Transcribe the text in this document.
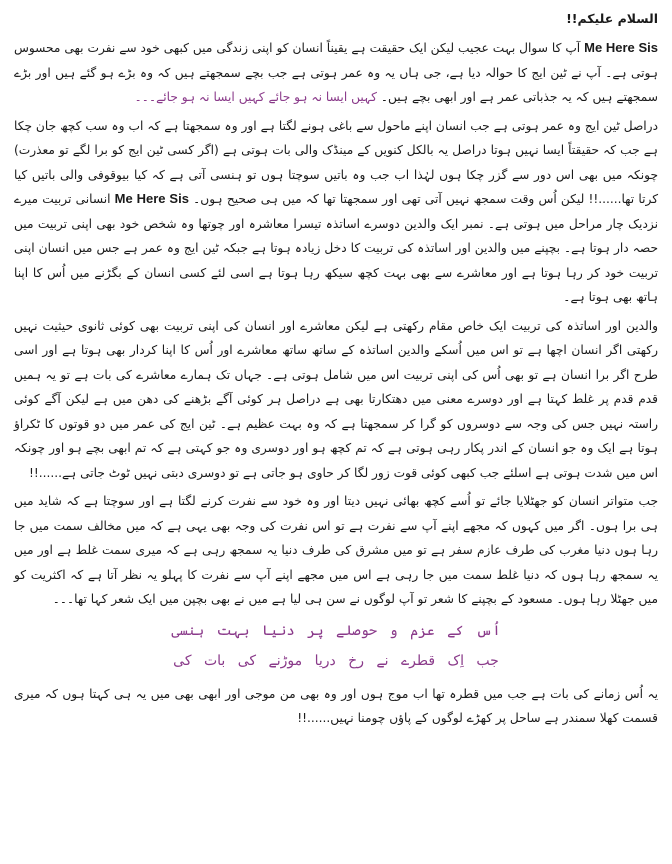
السلام علیکم!!

Me Here Sis آپ کا سوال بہت عجیب لیکن ایک حقیقت ہے یقیناً انسان کو اپنی زندگی میں کبھی خود سے نفرت بھی محسوس ہوتی ہے۔ آپ نے ٹین ایج کا حوالہ دیا ہے، جی ہاں یہ وہ عمر ہوتی ہے جب بچے سمجھتے ہیں کہ وہ بڑے ہو گئے ہیں اور بڑے سمجھتے ہیں کہ یہ جذباتی عمر ہے اور ابھی بچے ہیں۔ کہیں ایسا نہ ہو جائے کہیں ایسا نہ ہو جائے۔۔۔

دراصل ٹین ایج وہ عمر ہوتی ہے جب انسان اپنے ماحول سے باغی ہونے لگتا ہے اور وہ سمجھتا ہے کہ اب وہ سب کچھ جان چکا ہے جب کہ حقیقتاً ایسا نہیں ہوتا دراصل یہ بالکل کنویں کے مینڈک والی بات ہوتی ہے (اگر کسی ٹین ایج کو برا لگے تو معذرت) چونکہ میں بھی اس دور سے گزر چکا ہوں لہٰذا اب جب وہ باتیں سوچتا ہوں تو ہنسی آتی ہے کہ کیا بیوقوفی والی باتیں کیا کرتا تھا......!! لیکن اُس وقت سمجھ نہیں آتی تھی اور سمجھتا تھا کہ میں ہی صحیح ہوں۔ Me Here Sis انسانی تربیت میرے نزدیک چار مراحل میں ہوتی ہے۔ نمبر ایک والدین دوسرے اساتذہ تیسرا معاشرہ اور چوتھا وہ شخص خود بھی اپنی تربیت میں حصہ دار ہوتا ہے۔ بچپنے میں والدین اور اساتذہ کی تربیت کا دخل زیادہ ہوتا ہے جبکہ ٹین ایج وہ عمر ہے جس میں انسان اپنی تربیت خود کر رہا ہوتا ہے اور معاشرے سے بھی بہت کچھ سیکھ رہا ہوتا ہے اسی لئے کسی انسان کے بگڑنے میں اُس کا اپنا ہاتھ بھی ہوتا ہے۔

والدین اور اساتذہ کی تربیت ایک خاص مقام رکھتی ہے لیکن معاشرے اور انسان کی اپنی تربیت بھی کوئی ثانوی حیثیت نہیں رکھتی اگر انسان اچھا ہے تو اس میں اُسکے والدین اساتذہ کے ساتھ ساتھ معاشرے اور اُس کا اپنا کردار بھی ہوتا ہے اور اسی طرح اگر برا انسان ہے تو بھی اُس کی اپنی تربیت اس میں شامل ہوتی ہے۔ جہاں تک ہمارے معاشرے کی بات ہے تو یہ ہمیں قدم قدم پر غلط کہتا ہے اور دوسرے معنی میں دھتکارتا بھی ہے دراصل ہر کوئی آگے بڑھنے کی دھن میں ہے لیکن آگے کوئی راستہ نہیں جس کی وجہ سے دوسروں کو گرا کر سمجھتا ہے کہ وہ بہت عظیم ہے۔ ٹین ایج کی عمر میں دو قوتوں کا ٹکراؤ ہوتا ہے ایک وہ جو انسان کے اندر پکار رہی ہوتی ہے کہ تم کچھ ہو اور دوسری وہ جو کہتی ہے کہ تم ابھی بچے ہو اور چونکہ اس میں شدت ہوتی ہے اسلئے جب کبھی کوئی قوت زور لگا کر حاوی ہو جاتی ہے تو دوسری دبتی نہیں ٹوٹ جاتی ہے......!!

جب متواتر انسان کو جھٹلایا جائے تو اُسے کچھ بھائی نہیں دیتا اور وہ خود سے نفرت کرنے لگتا ہے اور سوچتا ہے کہ شاید میں ہی برا ہوں۔ اگر میں کہوں کہ مجھے اپنے آپ سے نفرت ہے تو اس نفرت کی وجہ بھی یہی ہے کہ میں مخالف سمت میں جا رہا ہوں دنیا مغرب کی طرف عازم سفر ہے تو میں مشرق کی طرف دنیا یہ سمجھ رہی ہے کہ میری سمت غلط ہے اور میں یہ سمجھ رہا ہوں کہ دنیا غلط سمت میں جا رہی ہے اس میں مجھے اپنے آپ سے نفرت کا پہلو یہ نظر آتا ہے کہ اکثریت کو میں جھٹلا رہا ہوں۔ مسعود کے بچپنے کا شعر تو آپ لوگوں نے سن ہی لیا ہے میں نے بھی بچپن میں ایک شعر کہا تھا۔۔۔

اُس کے عزم و حوصلے پر دنیا بہت ہنسی
جب اِک قطرے نے رخ دریا موڑنے کی بات کی

یہ اُس زمانے کی بات ہے جب میں قطرہ تھا اب موج ہوں اور وہ بھی من موجی اور ابھی بھی میں یہ ہی کہتا ہوں کہ میری قسمت کھلا سمندر ہے ساحل پر کھڑے لوگوں کے پاؤں چومنا نہیں......!!
